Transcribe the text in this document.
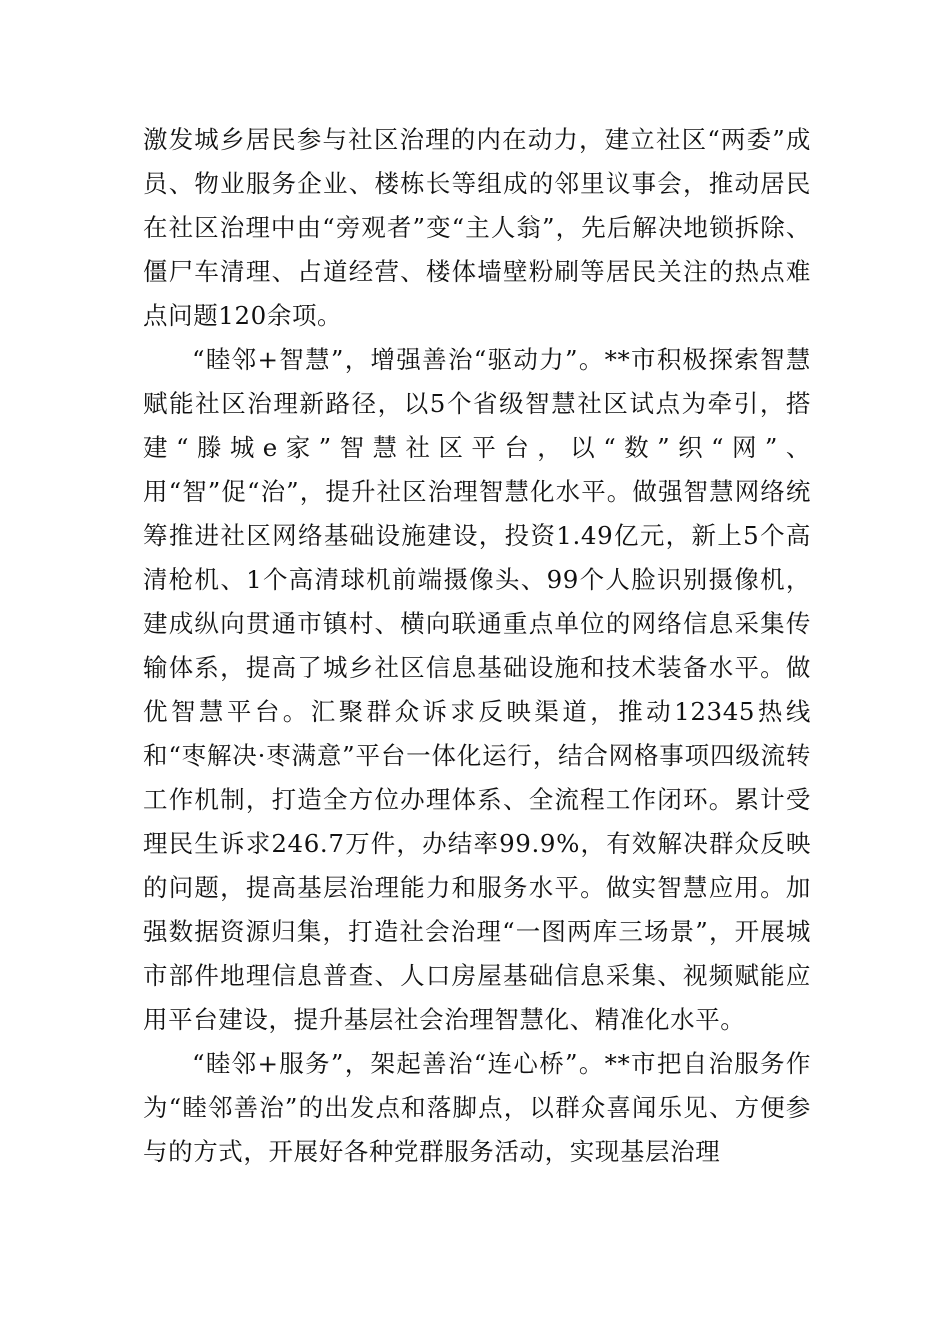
激发城乡居民参与社区治理的内在动力，建立社区“两委”成员、物业服务企业、楼栋长等组成的邻里议事会，推动居民在社区治理中由“旁观者”变“主人翁”，先后解决地锁拆除、僵尸车清理、占道经营、楼体墙壁粉刷等居民关注的热点难点问题120余项。

“睦邻+智慧”，增强善治“驱动力”。**市积极探索智慧赋能社区治理新路径，以5个省级智慧社区试点为牵引，搭建“滕城e家”智慧社区平台，以“数”织“网”、用“智”促“治”，提升社区治理智慧化水平。做强智慧网络统筹推进社区网络基础设施建设，投资1.49亿元，新上5个高清枪机、1个高清球机前端摄像头、99个人脸识别摄像机，建成纵向贯通市镇村、横向联通重点单位的网络信息采集传输体系，提高了城乡社区信息基础设施和技术装备水平。做优智慧平台。汇聚群众诉求反映渠道，推动12345热线和“枣解决·枣满意”平台一体化运行，结合网格事项四级流转工作机制，打造全方位办理体系、全流程工作闭环。累计受理民生诉求246.7万件，办结率99.9%，有效解决群众反映的问题，提高基层治理能力和服务水平。做实智慧应用。加强数据资源归集，打造社会治理“一图两库三场景”，开展城市部件地理信息普查、人口房屋基础信息采集、视频赋能应用平台建设，提升基层社会治理智慧化、精准化水平。

“睦邻+服务”，架起善治“连心桥”。**市把自治服务作为“睦邻善治”的出发点和落脚点，以群众喜闻乐见、方便参与的方式，开展好各种党群服务活动，实现基层治理
